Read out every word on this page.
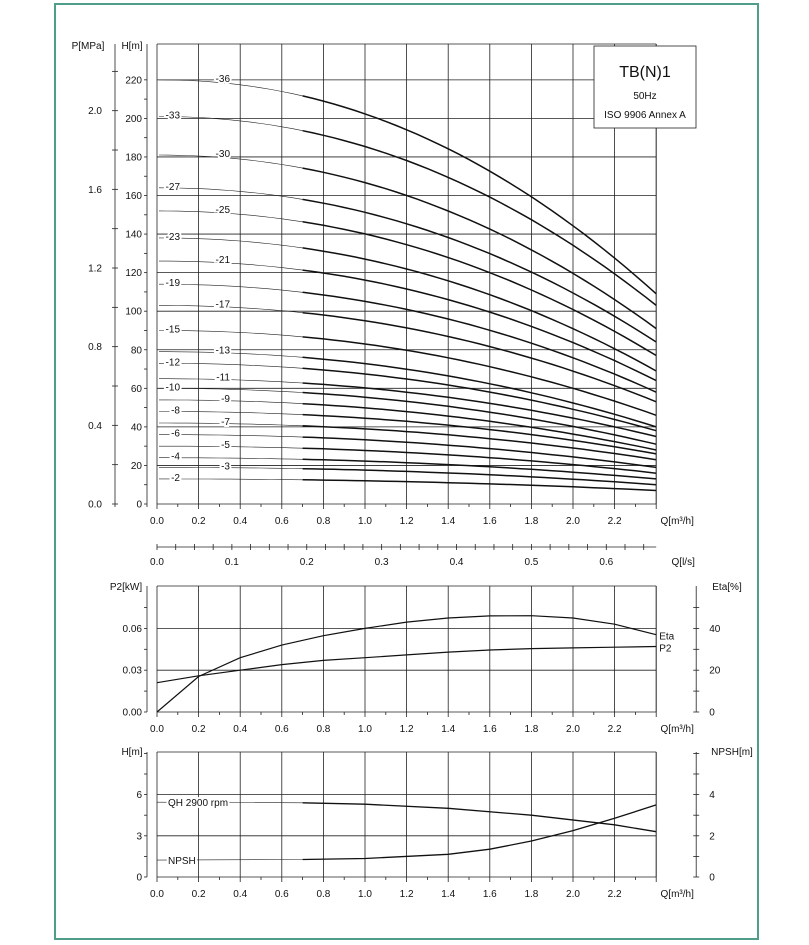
0
20
40
60
80
100
120
140
160
180
200
220
0.0
0.4
0.8
1.2
1.6
2.0
P[MPa] H[m]
0.0	0.2	0.4	0.6	0.8	1.0	1.2	1.4	1.6	1.8	2.0	2.2	Q[m³/h]
-36
-33
-30
-27
-25
-23
-21
-19
-17
-15
-13
-12
-11
-10
-9
-8
-7
-6
-5
-4
-3
-2
0.0	0.1	0.2	0.3	0.4	0.5	0.6	Q[l/s]
0.00
0.03
0.06
0
20
40
P2[kW]	Eta[%]
0.0	0.2	0.4	0.6	0.8	1.0	1.2	1.4	1.6	1.8	2.0	2.2	Q[m³/h]
Eta
P2
0
3
6
0
2
4
H[m]	NPSH[m]
0.0	0.2	0.4	0.6	0.8	1.0	1.2	1.4	1.6	1.8	2.0	2.2	Q[m³/h]
QH 2900 rpm
NPSH
TB(N)1
50Hz
ISO 9906 Annex A
